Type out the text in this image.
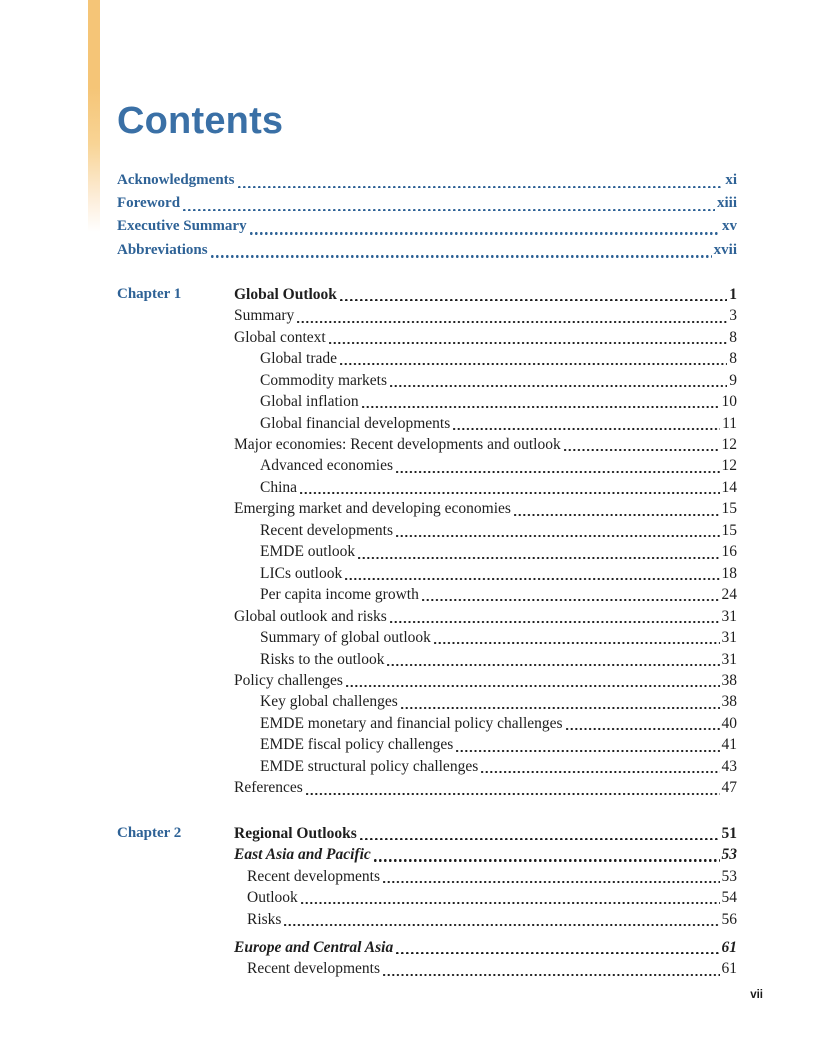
Contents
Acknowledgments	xi
Foreword	xiii
Executive Summary	xv
Abbreviations	xvii
Chapter 1	Global Outlook	1
Summary	3
Global context	8
Global trade	8
Commodity markets	9
Global inflation	10
Global financial developments	11
Major economies: Recent developments and outlook	12
Advanced economies	12
China	14
Emerging market and developing economies	15
Recent developments	15
EMDE outlook	16
LICs outlook	18
Per capita income growth	24
Global outlook and risks	31
Summary of global outlook	31
Risks to the outlook	31
Policy challenges	38
Key global challenges	38
EMDE monetary and financial policy challenges	40
EMDE fiscal policy challenges	41
EMDE structural policy challenges	43
References	47
Chapter 2	Regional Outlooks	51
East Asia and Pacific	53
Recent developments	53
Outlook	54
Risks	56
Europe and Central Asia	61
Recent developments	61
vii
